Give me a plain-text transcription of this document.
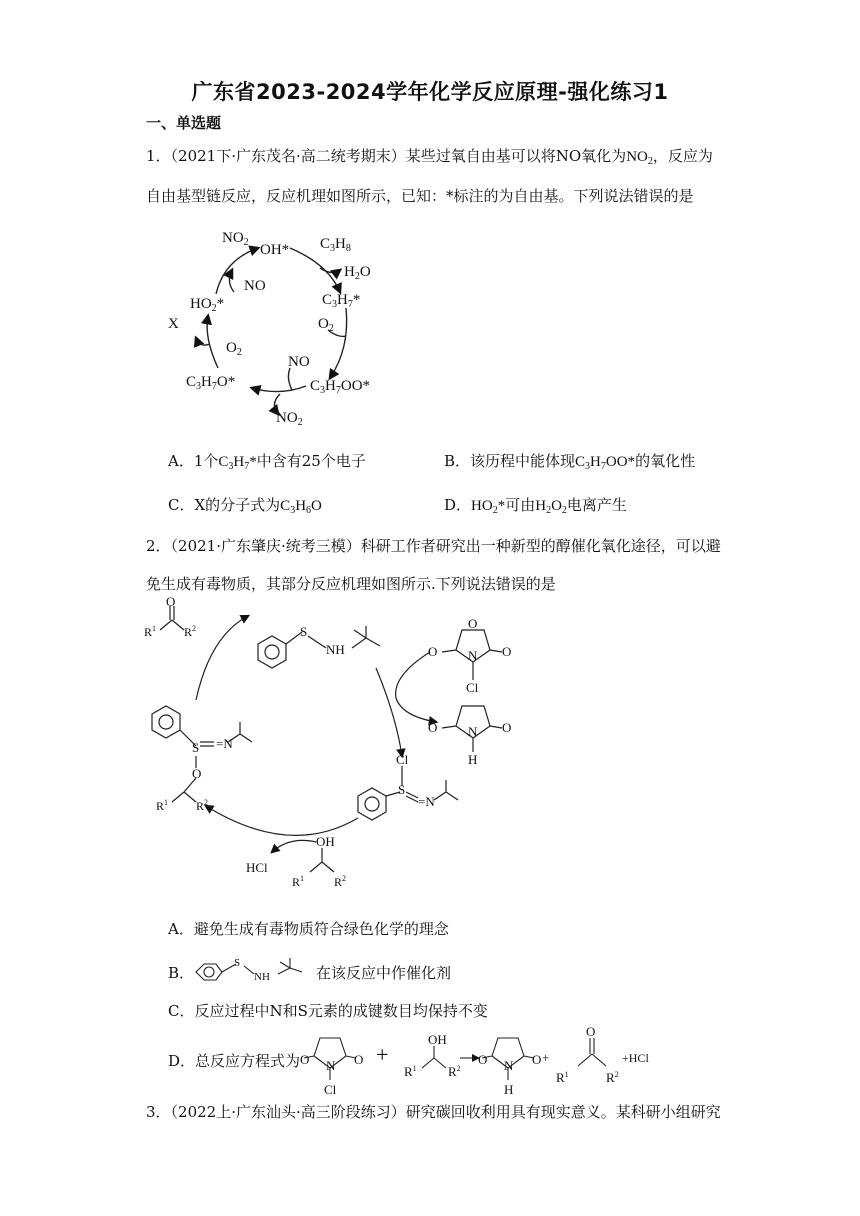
广东省2023-2024学年化学反应原理-强化练习1
一、单选题
1．（2021下·广东茂名·高二统考期末）某些过氧自由基可以将NO氧化为$NO_2$，反应为
自由基型链反应，反应机理如图所示，已知：*标注的为自由基。下列说法错误的是
OH* $C_3H_8$
$H_2O$
$C_3H_7*$
$O_2$
NO
$C_3H_7OO*$
$NO_2$
$C_3H_7O*$
$O_2$
X
$HO_2*$
NO
$NO_2$
A．1个$C_3H_7*$中含有25个电子	B．该历程中能体现$C_3H_7OO*$的氧化性
C．X的分子式为$C_3H_6O$	D．$HO_2*$可由$H_2O_2$电离产生
2．（2021·广东肇庆·统考三模）科研工作者研究出一种新型的醇催化氧化途径，可以避
免生成有毒物质，其部分反应机理如图所示.下列说法错误的是
O
$R^1$ $R^2$	S
NH
O
O	O
N
Cl
O	O
N
H
S =N
O
$R^1$ $R^2$
Cl
S
=N
HCl
OH
$R^1$ $R^2$
A．避免生成有毒物质符合绿色化学的理念
B．
S
NH	在该反应中作催化剂
C．反应过程中N和S元素的成键数目均保持不变
D．总反应方程式为 O	O
N
Cl
+
OH
$R^1$ $R^2$
O	O
N
H
+
O
$R^1$	$R^2$
+HCl
3．（2022上·广东汕头·高三阶段练习）研究碳回收利用具有现实意义。某科研小组研究
